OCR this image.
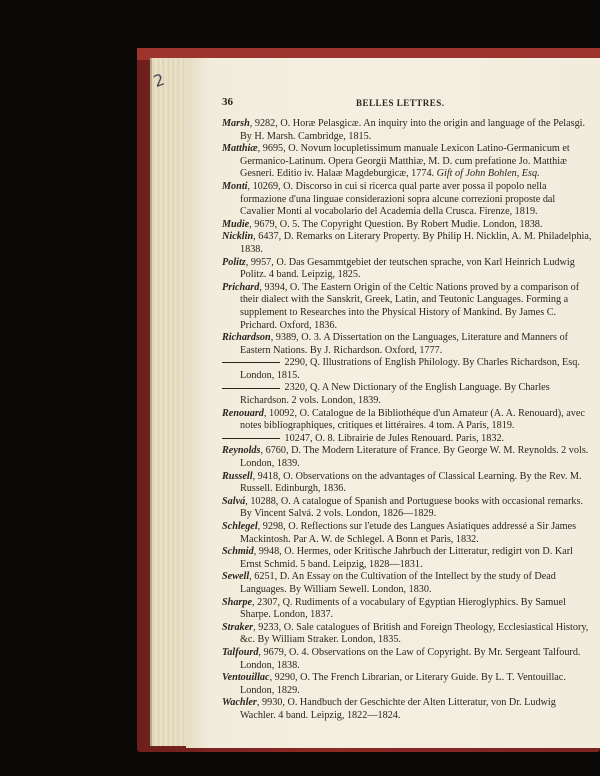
2
36	BELLES LETTRES.

Marsh, 9282, O. Horæ Pelasgicæ. An inquiry into the origin and language of the Pelasgi. By H. Marsh. Cambridge, 1815.

Matthiæ, 9695, O. Novum locupletissimum manuale Lexicon Latino-Germanicum et Germanico-Latinum. Opera Georgii Matthiæ, M. D. cum prefatione Jo. Matthiæ Gesneri. Editio iv. Halaæ Magdeburgicæ, 1774. Gift of John Bohlen, Esq.

Monti, 10269, O. Discorso in cui si ricerca qual parte aver possa il popolo nella formazione d'una linguae considerazioni sopra alcune correzioni proposte dal Cavalier Monti al vocabolario del Academia della Crusca. Firenze, 1819.

Mudie, 9679, O. 5. The Copyright Question. By Robert Mudie. London, 1838.

Nicklin, 6437, D. Remarks on Literary Property. By Philip H. Nicklin, A. M. Philadelphia, 1838.

Politz, 9957, O. Das Gesammtgebiet der teutschen sprache, von Karl Heinrich Ludwig Politz. 4 band. Leipzig, 1825.

Prichard, 9394, O. The Eastern Origin of the Celtic Nations proved by a comparison of their dialect with the Sanskrit, Greek, Latin, and Teutonic Languages. Forming a supplement to Researches into the Physical History of Mankind. By James C. Prichard. Oxford, 1836.

Richardson, 9389, O. 3. A Dissertation on the Languages, Literature and Manners of Eastern Nations. By J. Richardson. Oxford, 1777.

2290, Q. Illustrations of English Philology. By Charles Richardson, Esq. London, 1815.

2320, Q. A New Dictionary of the English Language. By Charles Richardson. 2 vols. London, 1839.

Renouard, 10092, O. Catalogue de la Bibliothéque d'un Amateur (A. A. Renouard), avec notes bibliographiques, critiques et littéraires. 4 tom. A Paris, 1819.

10247, O. 8. Librairie de Jules Renouard. Paris, 1832.

Reynolds, 6760, D. The Modern Literature of France. By George W. M. Reynolds. 2 vols. London, 1839.

Russell, 9418, O. Observations on the advantages of Classical Learning. By the Rev. M. Russell. Edinburgh, 1836.

Salvá, 10288, O. A catalogue of Spanish and Portuguese books with occasional remarks. By Vincent Salvá. 2 vols. London, 1826—1829.

Schlegel, 9298, O. Reflections sur l'etude des Langues Asiatiques addressé a Sir James Mackintosh. Par A. W. de Schlegel. A Bonn et Paris, 1832.

Schmid, 9948, O. Hermes, oder Kritische Jahrbuch der Litteratur, redigirt von D. Karl Ernst Schmid. 5 band. Leipzig, 1828—1831.

Sewell, 6251, D. An Essay on the Cultivation of the Intellect by the study of Dead Languages. By William Sewell. London, 1830.

Sharpe, 2307, Q. Rudiments of a vocabulary of Egyptian Hieroglyphics. By Samuel Sharpe. London, 1837.

Straker, 9233, O. Sale catalogues of British and Foreign Theology, Ecclesiastical History, &c. By William Straker. London, 1835.

Talfourd, 9679, O. 4. Observations on the Law of Copyright. By Mr. Sergeant Talfourd. London, 1838.

Ventouillac, 9290, O. The French Librarian, or Literary Guide. By L. T. Ventouillac. London, 1829.

Wachler, 9930, O. Handbuch der Geschichte der Alten Litteratur, von Dr. Ludwig Wachler. 4 band. Leipzig, 1822—1824.
